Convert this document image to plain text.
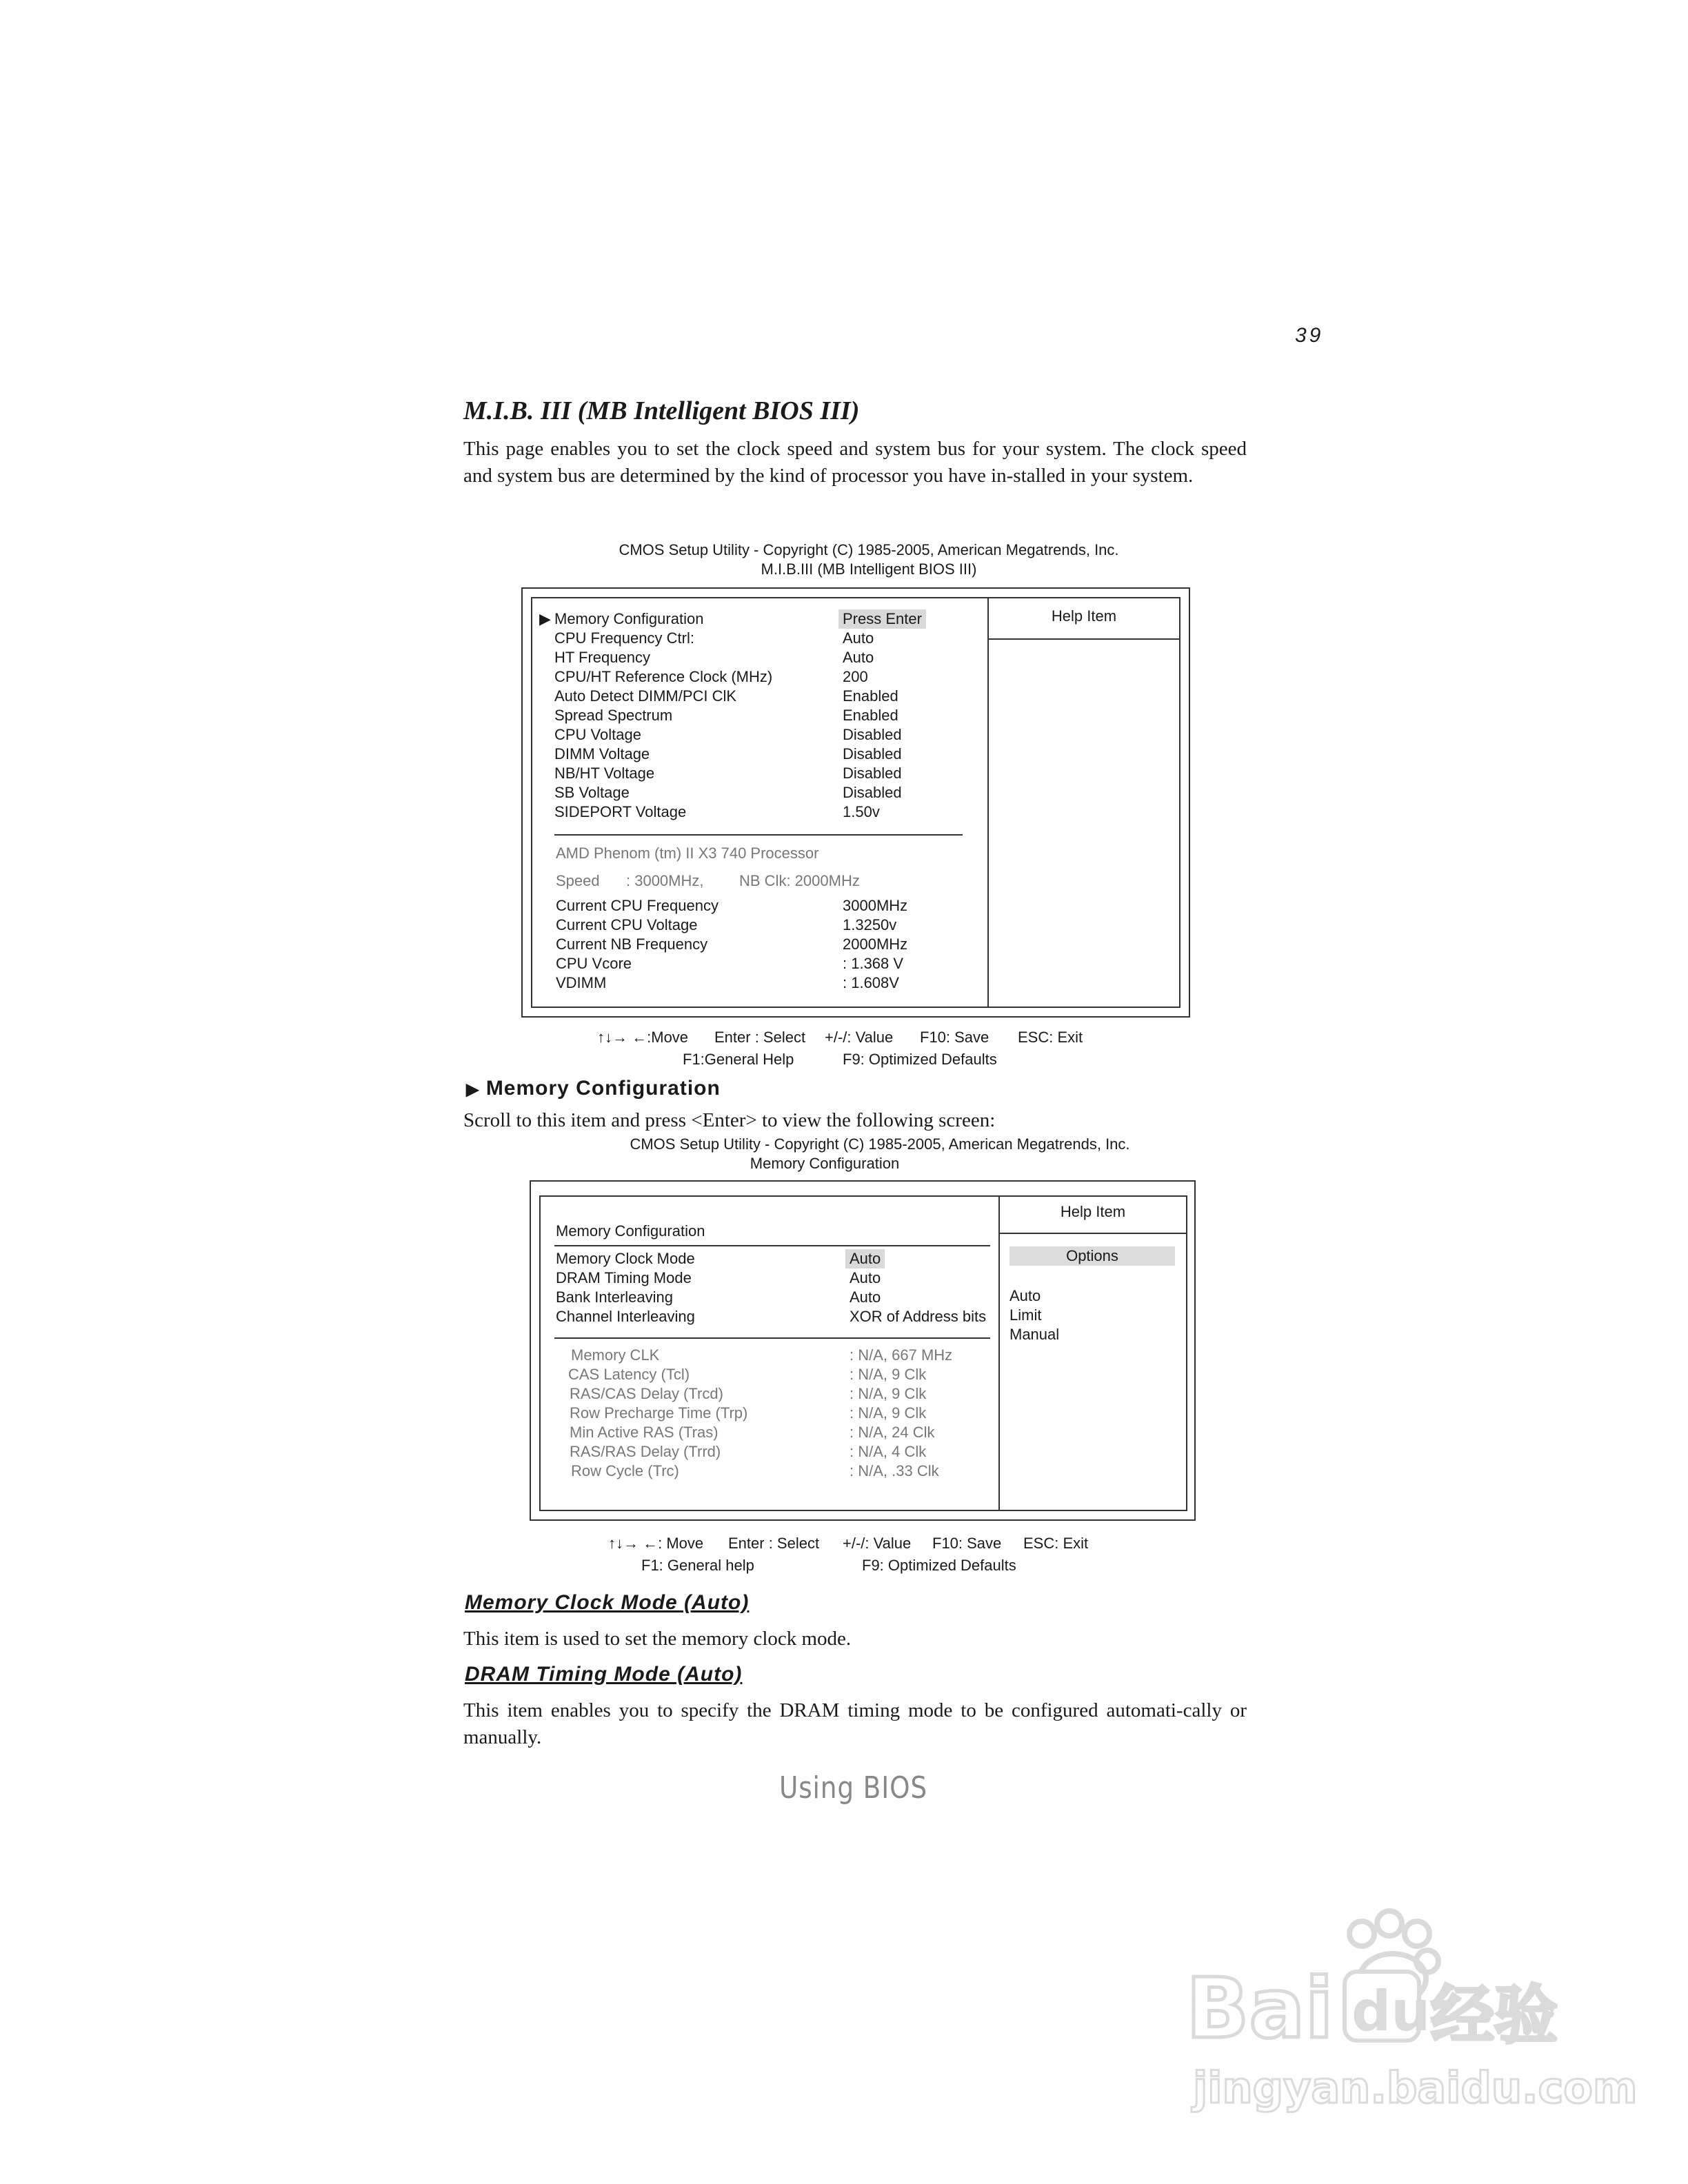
39
M.I.B. III (MB Intelligent BIOS III)
This page enables you to set the clock speed and system bus for your system. The clock speed and system bus are determined by the kind of processor you have in-stalled in your system.
CMOS Setup Utility - Copyright (C) 1985-2005, American Megatrends, Inc.
M.I.B.III (MB Intelligent BIOS III)
Help Item
▶ Memory Configuration	Press Enter
CPU Frequency Ctrl:	Auto
HT Frequency	Auto
CPU/HT Reference Clock (MHz)	200
Auto Detect DIMM/PCI ClK	Enabled
Spread Spectrum	Enabled
CPU Voltage	Disabled
DIMM Voltage	Disabled
NB/HT Voltage	Disabled
SB Voltage	Disabled
SIDEPORT Voltage	1.50v
AMD Phenom (tm) II X3 740 Processor
Speed : 3000MHz, NB Clk: 2000MHz
Current CPU Frequency	3000MHz
Current CPU Voltage	1.3250v
Current NB Frequency	2000MHz
CPU Vcore	: 1.368 V
VDIMM	: 1.608V
↑↓→ ←:Move Enter : Select +/-/: Value F10: Save ESC: Exit
F1:General Help	F9: Optimized Defaults
▶ Memory Configuration
Scroll to this item and press <Enter> to view the following screen:
CMOS Setup Utility - Copyright (C) 1985-2005, American Megatrends, Inc.
Memory Configuration
Help Item
Options
Auto
Limit
Manual
Memory Configuration
Memory Clock Mode	Auto
DRAM Timing Mode	Auto
Bank Interleaving	Auto
Channel Interleaving	XOR of Address bits
Memory CLK	: N/A, 667 MHz
CAS Latency (Tcl)	: N/A, 9 Clk
RAS/CAS Delay (Trcd)	: N/A, 9 Clk
Row Precharge Time (Trp)	: N/A, 9 Clk
Min Active RAS (Tras)	: N/A, 24 Clk
RAS/RAS Delay (Trrd)	: N/A, 4 Clk
Row Cycle (Trc)	: N/A, .33 Clk
↑↓→ ←: Move Enter : Select +/-/: Value F10: Save ESC: Exit
F1: General help	F9: Optimized Defaults
Memory Clock Mode (Auto)
This item is used to set the memory clock mode.
DRAM Timing Mode (Auto)
This item enables you to specify the DRAM timing mode to be configured automati-cally or manually.
Using BIOS
Bai du 经验
jingyan.baidu.com
